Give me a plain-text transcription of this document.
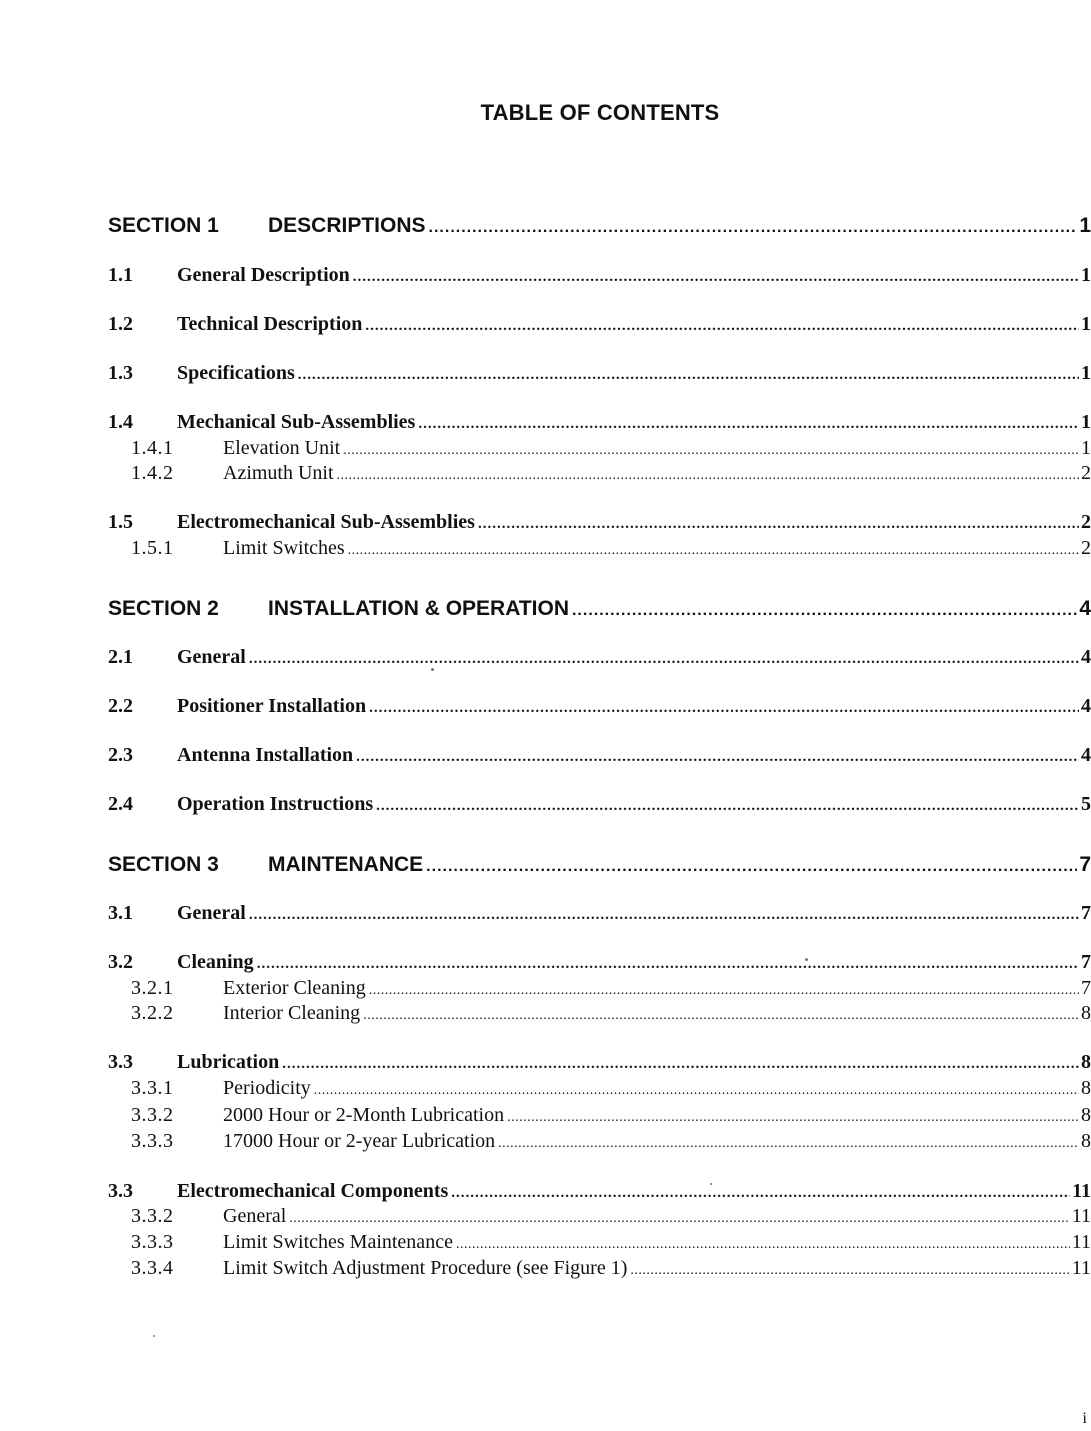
TABLE OF CONTENTS
SECTION 1	DESCRIPTIONS .....	1
1.1	General Description .....	1
1.2	Technical Description .....	1
1.3	Specifications .....	1
1.4	Mechanical Sub-Assemblies .....	1
1.4.1	Elevation Unit .....	1
1.4.2	Azimuth Unit .....	2
1.5	Electromechanical Sub-Assemblies .....	2
1.5.1	Limit Switches .....	2
SECTION 2	INSTALLATION & OPERATION .....	4
2.1	General .....	4
2.2	Positioner Installation .....	4
2.3	Antenna Installation .....	4
2.4	Operation Instructions .....	5
SECTION 3	MAINTENANCE .....	7
3.1	General .....	7
3.2	Cleaning .....	7
3.2.1	Exterior Cleaning .....	7
3.2.2	Interior Cleaning .....	8
3.3	Lubrication .....	8
3.3.1	Periodicity .....	8
3.3.2	2000 Hour or 2-Month Lubrication .....	8
3.3.3	17000 Hour or 2-year Lubrication .....	8
3.3	Electromechanical Components .....	11
3.3.2	General .....	11
3.3.3	Limit Switches Maintenance .....	11
3.3.4	Limit Switch Adjustment Procedure (see Figure 1) .....	11
i
